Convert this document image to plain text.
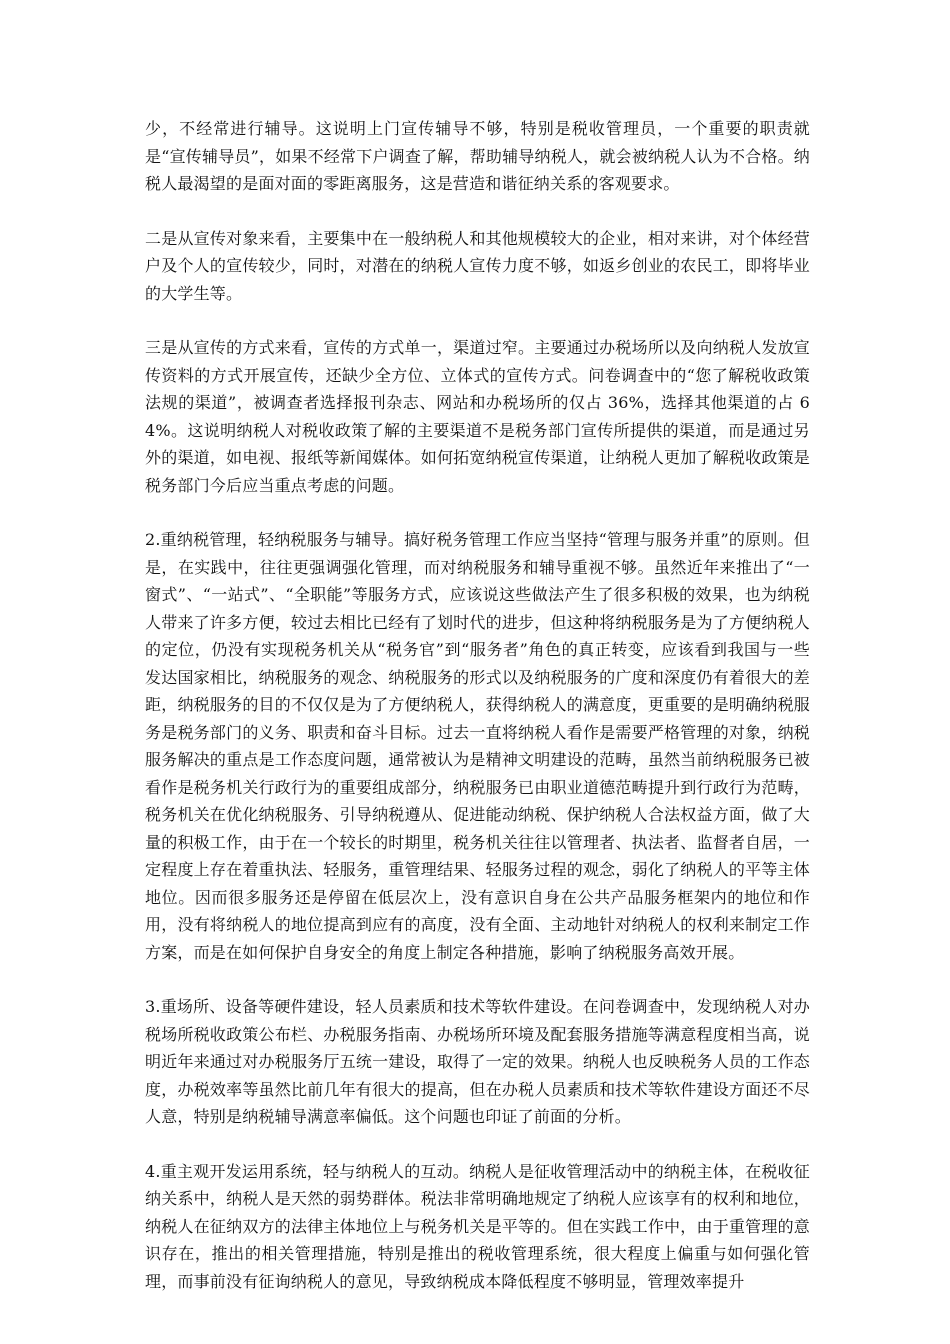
少，不经常进行辅导。这说明上门宣传辅导不够，特别是税收管理员，一个重要的职责就是“宣传辅导员”，如果不经常下户调查了解，帮助辅导纳税人，就会被纳税人认为不合格。纳税人最渴望的是面对面的零距离服务，这是营造和谐征纳关系的客观要求。

二是从宣传对象来看，主要集中在一般纳税人和其他规模较大的企业，相对来讲，对个体经营户及个人的宣传较少，同时，对潜在的纳税人宣传力度不够，如返乡创业的农民工，即将毕业的大学生等。

三是从宣传的方式来看，宣传的方式单一，渠道过窄。主要通过办税场所以及向纳税人发放宣传资料的方式开展宣传，还缺少全方位、立体式的宣传方式。问卷调查中的“您了解税收政策法规的渠道”，被调查者选择报刊杂志、网站和办税场所的仅占 36%，选择其他渠道的占 64%。这说明纳税人对税收政策了解的主要渠道不是税务部门宣传所提供的渠道，而是通过另外的渠道，如电视、报纸等新闻媒体。如何拓宽纳税宣传渠道，让纳税人更加了解税收政策是税务部门今后应当重点考虑的问题。

2.重纳税管理，轻纳税服务与辅导。搞好税务管理工作应当坚持“管理与服务并重”的原则。但是，在实践中，往往更强调强化管理，而对纳税服务和辅导重视不够。虽然近年来推出了“一窗式”、“一站式”、“全职能”等服务方式，应该说这些做法产生了很多积极的效果，也为纳税人带来了许多方便，较过去相比已经有了划时代的进步，但这种将纳税服务是为了方便纳税人的定位，仍没有实现税务机关从“税务官”到“服务者”角色的真正转变，应该看到我国与一些发达国家相比，纳税服务的观念、纳税服务的形式以及纳税服务的广度和深度仍有着很大的差距，纳税服务的目的不仅仅是为了方便纳税人，获得纳税人的满意度，更重要的是明确纳税服务是税务部门的义务、职责和奋斗目标。过去一直将纳税人看作是需要严格管理的对象，纳税服务解决的重点是工作态度问题，通常被认为是精神文明建设的范畴，虽然当前纳税服务已被看作是税务机关行政行为的重要组成部分，纳税服务已由职业道德范畴提升到行政行为范畴，税务机关在优化纳税服务、引导纳税遵从、促进能动纳税、保护纳税人合法权益方面，做了大量的积极工作，由于在一个较长的时期里，税务机关往往以管理者、执法者、监督者自居，一定程度上存在着重执法、轻服务，重管理结果、轻服务过程的观念，弱化了纳税人的平等主体地位。因而很多服务还是停留在低层次上，没有意识自身在公共产品服务框架内的地位和作用，没有将纳税人的地位提高到应有的高度，没有全面、主动地针对纳税人的权利来制定工作方案，而是在如何保护自身安全的角度上制定各种措施，影响了纳税服务高效开展。

3.重场所、设备等硬件建设，轻人员素质和技术等软件建设。在问卷调查中，发现纳税人对办税场所税收政策公布栏、办税服务指南、办税场所环境及配套服务措施等满意程度相当高，说明近年来通过对办税服务厅五统一建设，取得了一定的效果。纳税人也反映税务人员的工作态度，办税效率等虽然比前几年有很大的提高，但在办税人员素质和技术等软件建设方面还不尽人意，特别是纳税辅导满意率偏低。这个问题也印证了前面的分析。

4.重主观开发运用系统，轻与纳税人的互动。纳税人是征收管理活动中的纳税主体，在税收征纳关系中，纳税人是天然的弱势群体。税法非常明确地规定了纳税人应该享有的权利和地位，纳税人在征纳双方的法律主体地位上与税务机关是平等的。但在实践工作中，由于重管理的意识存在，推出的相关管理措施，特别是推出的税收管理系统，很大程度上偏重与如何强化管理，而事前没有征询纳税人的意见，导致纳税成本降低程度不够明显，管理效率提升
